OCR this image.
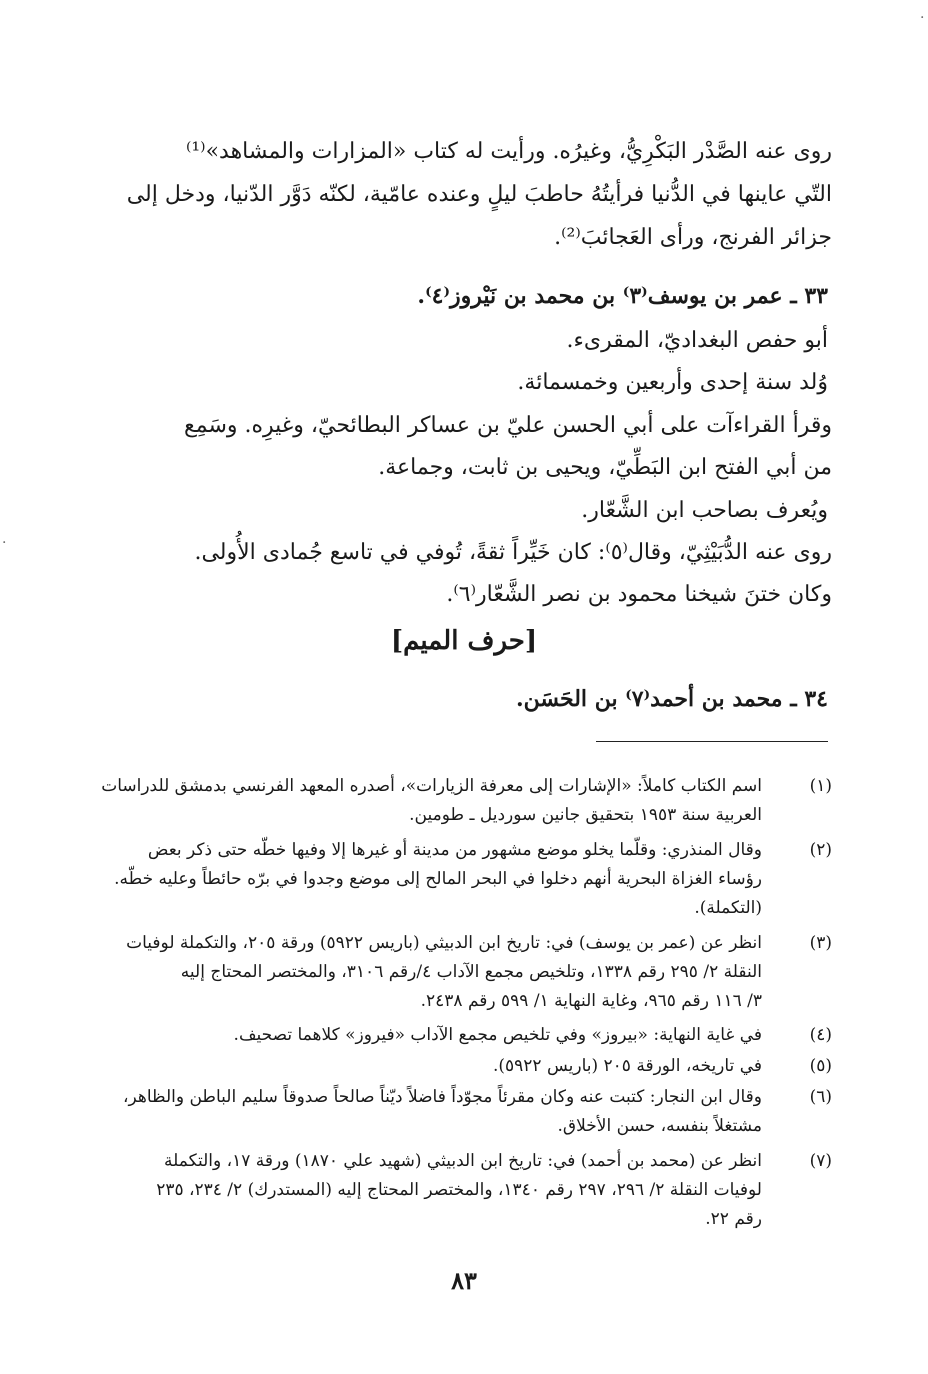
·
·
روى عنه الصَّدْر البَكْرِيُّ، وغيرُه. ورأيت له كتاب «المزارات والمشاهد»⁽¹⁾
التّي عاينها في الدُّنيا فرأيتُهُ حاطبَ ليلٍ وعنده عامّية، لكنّه دَوَّر الدّنيا، ودخل إلى
جزائر الفرنج، ورأى العَجائبَ⁽²⁾.
٣٣ ـ عمر بن يوسف⁽٣⁾ بن محمد بن نَيْروز⁽٤⁾.
أبو حفص البغداديّ، المقرىء.
وُلد سنة إحدى وأربعين وخمسمائة.
وقرأ القراءآت على أبي الحسن عليّ بن عساكر البطائحيّ، وغيرِه. وسَمِع
من أبي الفتح ابن البَطِّيّ، ويحيى بن ثابت، وجماعة.
ويُعرف بصاحب ابن الشَّعّار.
روى عنه الدُّبَيْثِيّ، وقال⁽٥⁾: كان خَيِّراً ثقةً، تُوفي في تاسع جُمادى الأُولى.
وكان ختنَ شيخنا محمود بن نصر الشَّعّار⁽٦⁾.
[حرف الميم]
٣٤ ـ محمد بن أحمد⁽٧⁾ بن الحَسَن.
(١)
اسم الكتاب كاملاً: «الإشارات إلى معرفة الزيارات»، أصدره المعهد الفرنسي بدمشق للدراسات
العربية سنة ١٩٥٣ بتحقيق جانين سورديل ـ طومين.
(٢)
وقال المنذري: وقلّما يخلو موضع مشهور من مدينة أو غيرها إلا وفيها خطّه حتى ذكر بعض
رؤساء الغزاة البحرية أنهم دخلوا في البحر المالح إلى موضع وجدوا في برّه حائطاً وعليه خطّه.
(التكملة).
(٣)
انظر عن (عمر بن يوسف) في: تاريخ ابن الدبيثي (باريس ٥٩٢٢) ورقة ٢٠٥، والتكملة لوفيات
النقلة ٢/ ٢٩٥ رقم ١٣٣٨، وتلخيص مجمع الآداب ٤/رقم ٣١٠٦، والمختصر المحتاج إليه
٣/ ١١٦ رقم ٩٦٥، وغاية النهاية ١/ ٥٩٩ رقم ٢٤٣٨.
(٤)
في غاية النهاية: «بيروز» وفي تلخيص مجمع الآداب «فيروز» كلاهما تصحيف.
(٥)
في تاريخه، الورقة ٢٠٥ (باريس ٥٩٢٢).
(٦)
وقال ابن النجار: كتبت عنه وكان مقرئاً مجوّداً فاضلاً ديّناً صالحاً صدوقاً سليم الباطن والظاهر،
مشتغلاً بنفسه، حسن الأخلاق.
(٧)
انظر عن (محمد بن أحمد) في: تاريخ ابن الدبيثي (شهيد علي ١٨٧٠) ورقة ١٧، والتكملة
لوفيات النقلة ٢/ ٢٩٦، ٢٩٧ رقم ١٣٤٠، والمختصر المحتاج إليه (المستدرك) ٢/ ٢٣٤، ٢٣٥
رقم ٢٢.
٨٣
